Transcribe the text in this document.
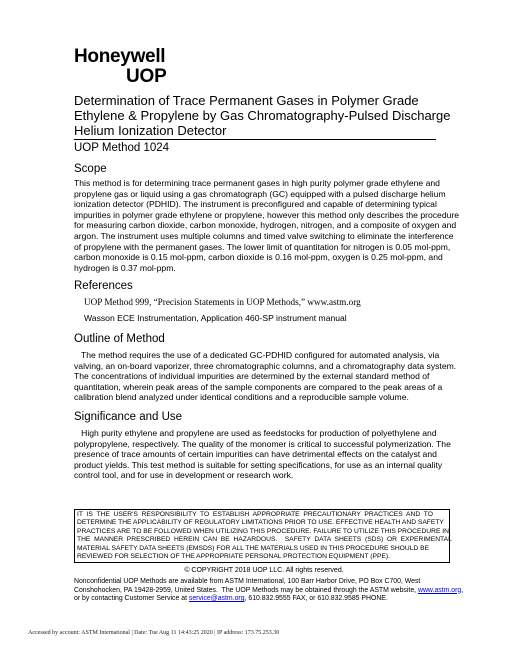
Honeywell
UOP
Determination of Trace Permanent Gases in Polymer Grade
Ethylene & Propylene by Gas Chromatography-Pulsed Discharge
Helium Ionization Detector
UOP Method 1024
Scope
This method is for determining trace permanent gases in high purity polymer grade ethylene and
propylene gas or liquid using a gas chromatograph (GC) equipped with a pulsed discharge helium
ionization detector (PDHID). The instrument is preconfigured and capable of determining typical
impurities in polymer grade ethylene or propylene, however this method only describes the procedure
for measuring carbon dioxide, carbon monoxide, hydrogen, nitrogen, and a composite of oxygen and
argon. The instrument uses multiple columns and timed valve switching to eliminate the interference
of propylene with the permanent gases. The lower limit of quantitation for nitrogen is 0.05 mol-ppm,
carbon monoxide is 0.15 mol-ppm, carbon dioxide is 0.16 mol-ppm, oxygen is 0.25 mol-ppm, and
hydrogen is 0.37 mol-ppm.
References
UOP Method 999, “Precision Statements in UOP Methods,” www.astm.org
Wasson ECE Instrumentation, Application 460-SP instrument manual
Outline of Method
The method requires the use of a dedicated GC-PDHID configured for automated analysis, via
valving, an on-board vaporizer, three chromatographic columns, and a chromatography data system.
The concentrations of individual impurities are determined by the external standard method of
quantitation, wherein peak areas of the sample components are compared to the peak areas of a
calibration blend analyzed under identical conditions and a reproducible sample volume.
Significance and Use
High purity ethylene and propylene are used as feedstocks for production of polyethylene and
polypropylene, respectively. The quality of the monomer is critical to successful polymerization. The
presence of trace amounts of certain impurities can have detrimental effects on the catalyst and
product yields. This test method is suitable for setting specifications, for use as an internal quality
control tool, and for use in development or research work.
IT  IS  THE  USER'S  RESPONSIBILITY  TO  ESTABLISH  APPROPRIATE  PRECAUTIONARY  PRACTICES  AND  TO
DETERMINE THE APPLICABILITY OF REGULATORY LIMITATIONS PRIOR TO USE. EFFECTIVE HEALTH AND SAFETY
PRACTICES ARE TO BE FOLLOWED WHEN UTILIZING THIS PROCEDURE. FAILURE TO UTILIZE THIS PROCEDURE IN
THE  MANNER  PRESCRIBED  HEREIN  CAN  BE  HAZARDOUS.    SAFETY  DATA  SHEETS  (SDS)  OR  EXPERIMENTAL
MATERIAL SAFETY DATA SHEETS (EMSDS) FOR ALL THE MATERIALS USED IN THIS PROCEDURE SHOULD BE
REVIEWED FOR SELECTION OF THE APPROPRIATE PERSONAL PROTECTION EQUIPMENT (PPE).
© COPYRIGHT 2018 UOP LLC. All rights reserved.
Nonconfidential UOP Methods are available from ASTM International, 100 Barr Harbor Drive, PO Box C700, West
Conshohocken, PA 19428-2959, United States.  The UOP Methods may be obtained through the ASTM website, www.astm.org,
or by contacting Customer Service at service@astm.org, 610.832.9555 FAX, or 610.832.9585 PHONE.
Accessed by account: ASTM International | Date: Tue Aug 11 14:43:25 2020 | IP address: 173.75.253.30
